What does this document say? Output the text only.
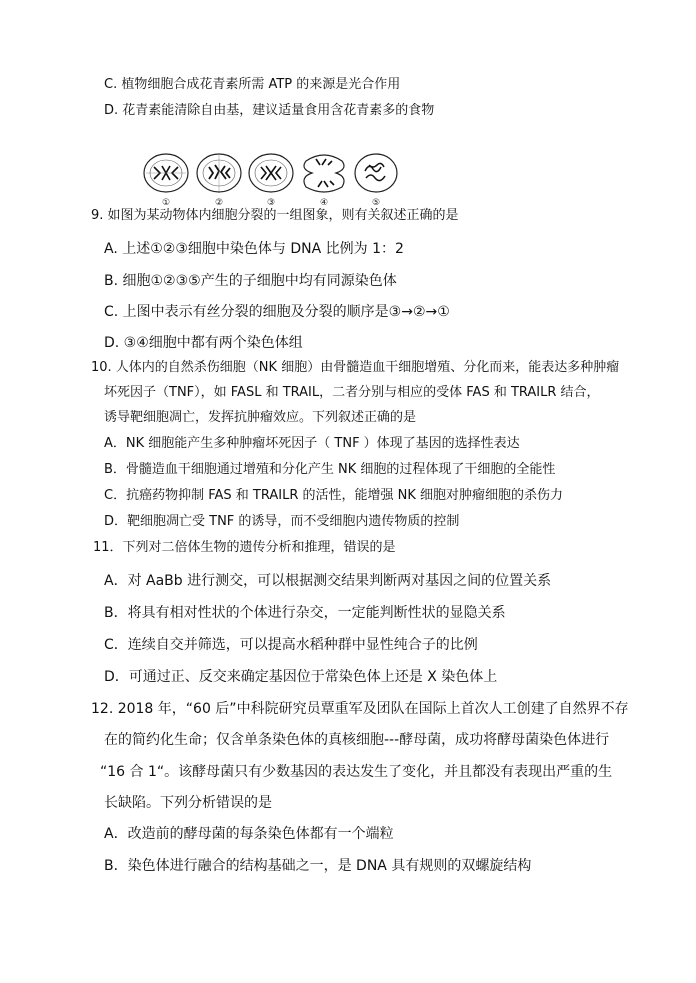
C. 植物细胞合成花青素所需 ATP 的来源是光合作用
D. 花青素能清除自由基，建议适量食用含花青素多的食物
①	②	③	④	⑤
9. 如图为某动物体内细胞分裂的一组图象，则有关叙述正确的是
A. 上述①②③细胞中染色体与 DNA 比例为 1：2
B. 细胞①②③⑤产生的子细胞中均有同源染色体
C. 上图中表示有丝分裂的细胞及分裂的顺序是③→②→①
D. ③④细胞中都有两个染色体组
10. 人体内的自然杀伤细胞（NK 细胞）由骨髓造血干细胞增殖、分化而来，能表达多种肿瘤
坏死因子（TNF），如 FASL 和 TRAIL，二者分别与相应的受体 FAS 和 TRAILR 结合，
诱导靶细胞凋亡，发挥抗肿瘤效应。下列叙述正确的是
A．NK 细胞能产生多种肿瘤坏死因子（ TNF ）体现了基因的选择性表达
B．骨髓造血干细胞通过增殖和分化产生 NK 细胞的过程体现了干细胞的全能性
C．抗癌药物抑制 FAS 和 TRAILR 的活性，能增强 NK 细胞对肿瘤细胞的杀伤力
D．靶细胞凋亡受 TNF 的诱导，而不受细胞内遗传物质的控制
11．下列对二倍体生物的遗传分析和推理，错误的是
A．对 AaBb 进行测交，可以根据测交结果判断两对基因之间的位置关系
B．将具有相对性状的个体进行杂交，一定能判断性状的显隐关系
C．连续自交并筛选，可以提高水稻种群中显性纯合子的比例
D．可通过正、反交来确定基因位于常染色体上还是 X 染色体上
12. 2018 年，“60 后”中科院研究员覃重军及团队在国际上首次人工创建了自然界不存
在的简约化生命；仅含单条染色体的真核细胞---酵母菌，成功将酵母菌染色体进行
“16 合 1“。该酵母菌只有少数基因的表达发生了变化，并且都没有表现出严重的生
长缺陷。下列分析错误的是
A．改造前的酵母菌的每条染色体都有一个端粒
B．染色体进行融合的结构基础之一，是 DNA 具有规则的双螺旋结构
